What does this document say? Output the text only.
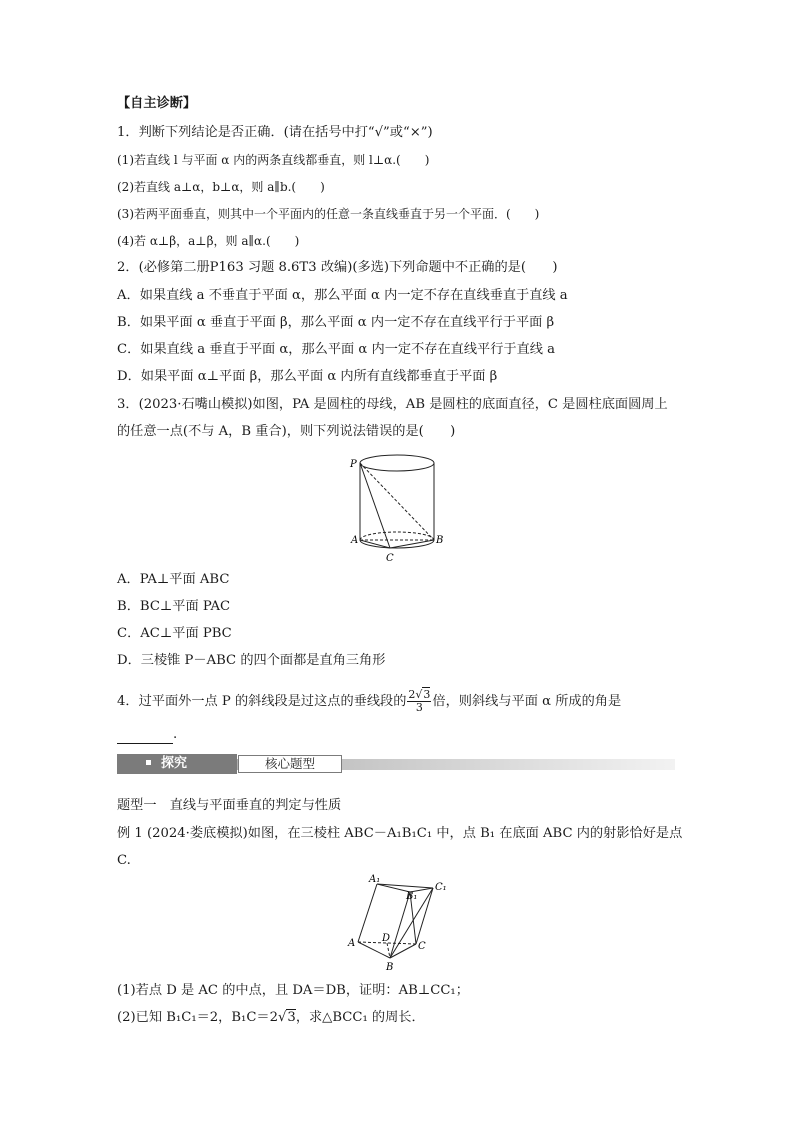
【自主诊断】
1．判断下列结论是否正确．(请在括号中打“√”或“×”)
(1)若直线 l 与平面 α 内的两条直线都垂直，则 l⊥α.(　　)
(2)若直线 a⊥α，b⊥α，则 a∥b.(　　)
(3)若两平面垂直，则其中一个平面内的任意一条直线垂直于另一个平面．(　　)
(4)若 α⊥β，a⊥β，则 a∥α.(　　)
2．(必修第二册P163 习题 8.6T3 改编)(多选)下列命题中不正确的是(　　)
A．如果直线 a 不垂直于平面 α，那么平面 α 内一定不存在直线垂直于直线 a
B．如果平面 α 垂直于平面 β，那么平面 α 内一定不存在直线平行于平面 β
C．如果直线 a 垂直于平面 α，那么平面 α 内一定不存在直线平行于直线 a
D．如果平面 α⊥平面 β，那么平面 α 内所有直线都垂直于平面 β
3．(2023·石嘴山模拟)如图，PA 是圆柱的母线，AB 是圆柱的底面直径，C 是圆柱底面圆周上
的任意一点(不与 A，B 重合)，则下列说法错误的是(　　)
P
A	B
C
A．PA⊥平面 ABC
B．BC⊥平面 PAC
C．AC⊥平面 PBC
D．三棱锥 P－ABC 的四个面都是直角三角形
4．过平面外一点 P 的斜线段是过这点的垂线段的 $\frac{2√3}{3}$ 倍，则斜线与平面 α 所成的角是
.
探究	核心题型
题型一　直线与平面垂直的判定与性质
例 1 (2024·娄底模拟)如图，在三棱柱 ABC－A₁B₁C₁ 中，点 B₁ 在底面 ABC 内的射影恰好是点
C.
A₁
B₁
C₁
A	D
C
B
(1)若点 D 是 AC 的中点，且 DA＝DB，证明：AB⊥CC₁；
(2)已知 B₁C₁＝2，B₁C＝2√3，求△BCC₁ 的周长．
